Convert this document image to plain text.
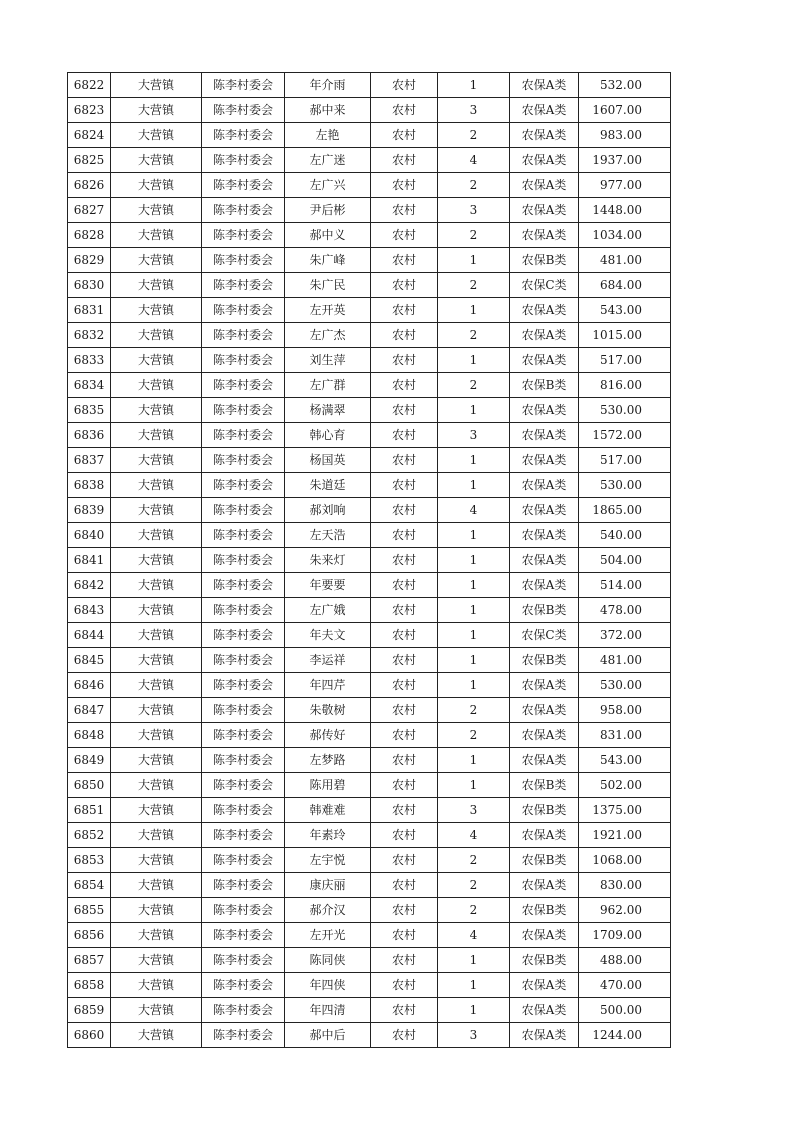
6822	大营镇	陈李村委会	年介雨	农村	1	农保A类	532.00
6823	大营镇	陈李村委会	郝中来	农村	3	农保A类	1607.00
6824	大营镇	陈李村委会	左艳	农村	2	农保A类	983.00
6825	大营镇	陈李村委会	左广迷	农村	4	农保A类	1937.00
6826	大营镇	陈李村委会	左广兴	农村	2	农保A类	977.00
6827	大营镇	陈李村委会	尹后彬	农村	3	农保A类	1448.00
6828	大营镇	陈李村委会	郝中义	农村	2	农保A类	1034.00
6829	大营镇	陈李村委会	朱广峰	农村	1	农保B类	481.00
6830	大营镇	陈李村委会	朱广民	农村	2	农保C类	684.00
6831	大营镇	陈李村委会	左开英	农村	1	农保A类	543.00
6832	大营镇	陈李村委会	左广杰	农村	2	农保A类	1015.00
6833	大营镇	陈李村委会	刘生萍	农村	1	农保A类	517.00
6834	大营镇	陈李村委会	左广群	农村	2	农保B类	816.00
6835	大营镇	陈李村委会	杨满翠	农村	1	农保A类	530.00
6836	大营镇	陈李村委会	韩心育	农村	3	农保A类	1572.00
6837	大营镇	陈李村委会	杨国英	农村	1	农保A类	517.00
6838	大营镇	陈李村委会	朱道廷	农村	1	农保A类	530.00
6839	大营镇	陈李村委会	郝刘响	农村	4	农保A类	1865.00
6840	大营镇	陈李村委会	左天浩	农村	1	农保A类	540.00
6841	大营镇	陈李村委会	朱来灯	农村	1	农保A类	504.00
6842	大营镇	陈李村委会	年要要	农村	1	农保A类	514.00
6843	大营镇	陈李村委会	左广娥	农村	1	农保B类	478.00
6844	大营镇	陈李村委会	年夫文	农村	1	农保C类	372.00
6845	大营镇	陈李村委会	李运祥	农村	1	农保B类	481.00
6846	大营镇	陈李村委会	年四芹	农村	1	农保A类	530.00
6847	大营镇	陈李村委会	朱敬树	农村	2	农保A类	958.00
6848	大营镇	陈李村委会	郝传好	农村	2	农保A类	831.00
6849	大营镇	陈李村委会	左梦路	农村	1	农保A类	543.00
6850	大营镇	陈李村委会	陈用碧	农村	1	农保B类	502.00
6851	大营镇	陈李村委会	韩难难	农村	3	农保B类	1375.00
6852	大营镇	陈李村委会	年素玲	农村	4	农保A类	1921.00
6853	大营镇	陈李村委会	左宇悦	农村	2	农保B类	1068.00
6854	大营镇	陈李村委会	康庆丽	农村	2	农保A类	830.00
6855	大营镇	陈李村委会	郝介汉	农村	2	农保B类	962.00
6856	大营镇	陈李村委会	左开光	农村	4	农保A类	1709.00
6857	大营镇	陈李村委会	陈同侠	农村	1	农保B类	488.00
6858	大营镇	陈李村委会	年四侠	农村	1	农保A类	470.00
6859	大营镇	陈李村委会	年四清	农村	1	农保A类	500.00
6860	大营镇	陈李村委会	郝中后	农村	3	农保A类	1244.00
